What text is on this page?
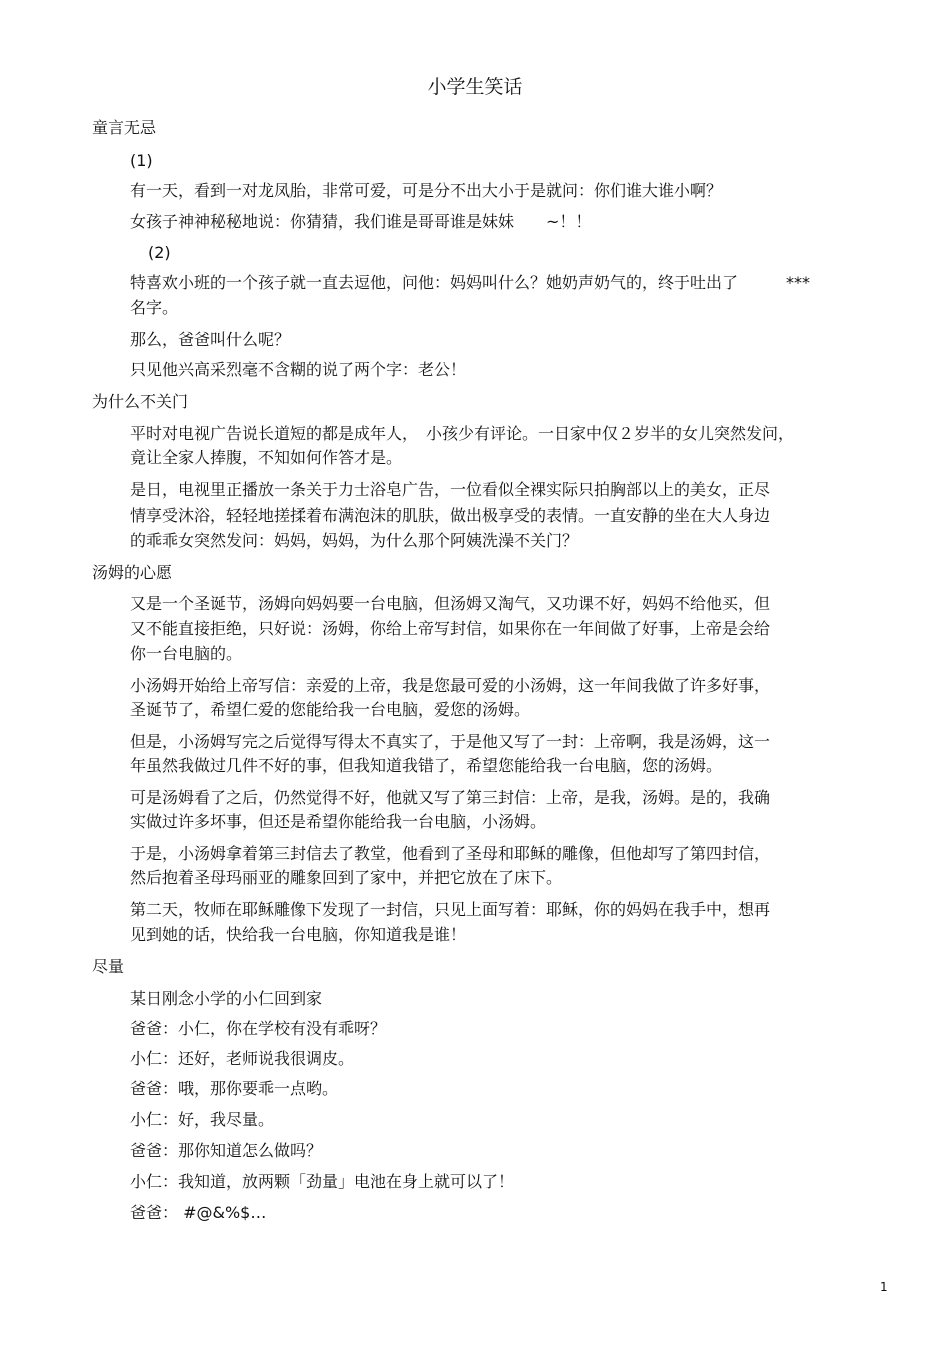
小学生笑话
童言无忌
(1)
有一天，看到一对龙凤胎，非常可爱，可是分不出大小于是就问：你们谁大谁小啊？
女孩子神神秘秘地说：你猜猜，我们谁是哥哥谁是妹妹　　~！！
(2)
特喜欢小班的一个孩子就一直去逗他，问他：妈妈叫什么？她奶声奶气的，终于吐出了　　　***
名字。
那么，爸爸叫什么呢？
只见他兴高采烈毫不含糊的说了两个字：老公！
为什么不关门
平时对电视广告说长道短的都是成年人，　小孩少有评论。一日家中仅２岁半的女儿突然发问，
竟让全家人捧腹，不知如何作答才是。
是日，电视里正播放一条关于力士浴皂广告，一位看似全裸实际只拍胸部以上的美女，正尽
情享受沐浴，轻轻地搓揉着布满泡沫的肌肤，做出极享受的表情。一直安静的坐在大人身边
的乖乖女突然发问：妈妈，妈妈，为什么那个阿姨洗澡不关门？
汤姆的心愿
又是一个圣诞节，汤姆向妈妈要一台电脑，但汤姆又淘气，又功课不好，妈妈不给他买，但
又不能直接拒绝，只好说：汤姆，你给上帝写封信，如果你在一年间做了好事，上帝是会给
你一台电脑的。
小汤姆开始给上帝写信：亲爱的上帝，我是您最可爱的小汤姆，这一年间我做了许多好事，
圣诞节了，希望仁爱的您能给我一台电脑，爱您的汤姆。
但是，小汤姆写完之后觉得写得太不真实了，于是他又写了一封：上帝啊，我是汤姆，这一
年虽然我做过几件不好的事，但我知道我错了，希望您能给我一台电脑，您的汤姆。
可是汤姆看了之后，仍然觉得不好，他就又写了第三封信：上帝，是我，汤姆。是的，我确
实做过许多坏事，但还是希望你能给我一台电脑，小汤姆。
于是，小汤姆拿着第三封信去了教堂，他看到了圣母和耶稣的雕像，但他却写了第四封信，
然后抱着圣母玛丽亚的雕象回到了家中，并把它放在了床下。
第二天，牧师在耶稣雕像下发现了一封信，只见上面写着：耶稣，你的妈妈在我手中，想再
见到她的话，快给我一台电脑，你知道我是谁！
尽量
某日刚念小学的小仁回到家
爸爸：小仁，你在学校有没有乖呀？
小仁：还好，老师说我很调皮。
爸爸：哦，那你要乖一点哟。
小仁：好，我尽量。
爸爸：那你知道怎么做吗？
小仁：我知道，放两颗「劲量」电池在身上就可以了！
爸爸： #@&%$…
1
